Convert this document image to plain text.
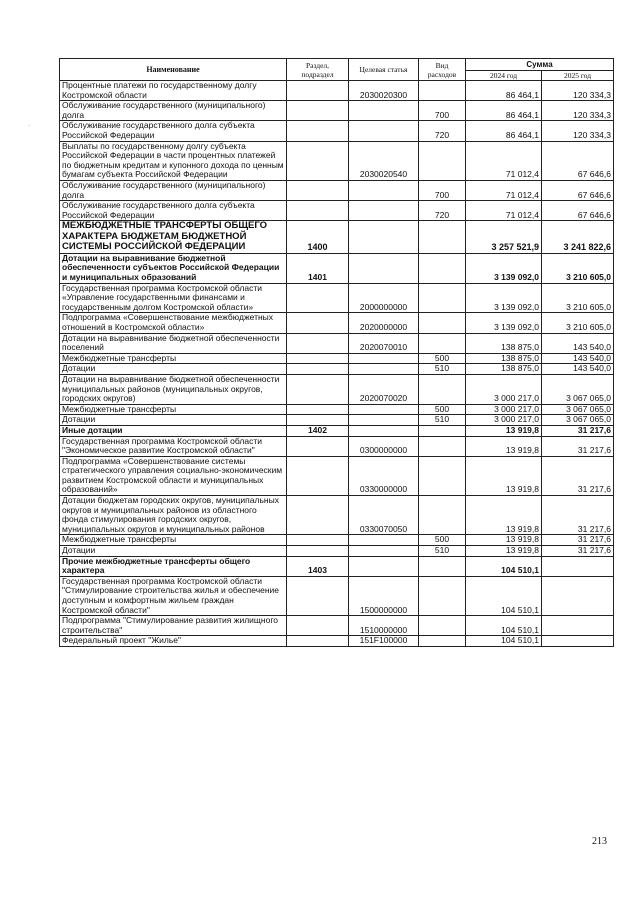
·
Наименование	Раздел, подраздел	Целевая статья	Вид расходов	Сумма	
				2024 год	2025 год
Процентные платежи по государственному долгу Костромской области		2030020300		86 464,1	120 334,3
Обслуживание государственного (муниципального) долга			700	86 464,1	120 334,3
Обслуживание государственного долга субъекта Российской Федерации			720	86 464,1	120 334,3
Выплаты по государственному долгу субъекта Российской Федерации в части процентных платежей по бюджетным кредитам и купонного дохода по ценным бумагам субъекта Российской Федерации		2030020540		71 012,4	67 646,6
Обслуживание государственного (муниципального) долга			700	71 012,4	67 646,6
Обслуживание государственного долга субъекта Российской Федерации			720	71 012,4	67 646,6
МЕЖБЮДЖЕТНЫЕ ТРАНСФЕРТЫ ОБЩЕГО ХАРАКТЕРА БЮДЖЕТАМ БЮДЖЕТНОЙ СИСТЕМЫ РОССИЙСКОЙ ФЕДЕРАЦИИ	1400			3 257 521,9	3 241 822,6
Дотации на выравнивание бюджетной обеспеченности субъектов Российской Федерации и муниципальных образований	1401			3 139 092,0	3 210 605,0
Государственная программа Костромской области «Управление государственными финансами и государственным долгом Костромской области»		2000000000		3 139 092,0	3 210 605,0
Подпрограмма «Совершенствование межбюджетных отношений в Костромской области»		2020000000		3 139 092,0	3 210 605,0
Дотации на выравнивание бюджетной обеспеченности поселений		2020070010		138 875,0	143 540,0
Межбюджетные трансферты			500	138 875,0	143 540,0
Дотации			510	138 875,0	143 540,0
Дотации на выравнивание бюджетной обеспеченности муниципальных районов (муниципальных округов, городских округов)		2020070020		3 000 217,0	3 067 065,0
Межбюджетные трансферты			500	3 000 217,0	3 067 065,0
Дотации			510	3 000 217,0	3 067 065,0
Иные дотации	1402			13 919,8	31 217,6
Государственная программа Костромской области "Экономическое развитие Костромской области"		0300000000		13 919,8	31 217,6
Подпрограмма «Совершенствование системы стратегического управления социально-экономическим развитием Костромской области и муниципальных образований»		0330000000		13 919,8	31 217,6
Дотации бюджетам городских округов, муниципальных округов и муниципальных районов из областного фонда стимулирования городских округов, муниципальных округов и муниципальных районов		0330070050		13 919,8	31 217,6
Межбюджетные трансферты			500	13 919,8	31 217,6
Дотации			510	13 919,8	31 217,6
Прочие межбюджетные трансферты общего характера	1403			104 510,1	
Государственная программа Костромской области "Стимулирование строительства жилья и обеспечение доступным и комфортным жильем граждан Костромской области"		1500000000		104 510,1	
Подпрограмма "Стимулирование развития жилищного строительства"		1510000000		104 510,1	
Федеральный проект "Жилье"		151F100000		104 510,1	
213
